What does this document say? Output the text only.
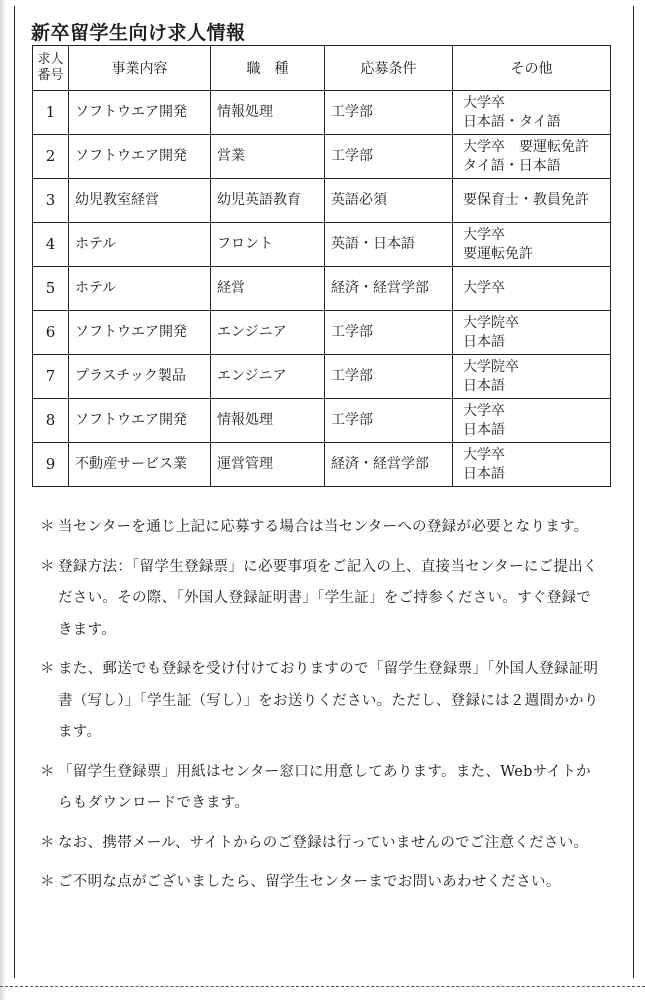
新卒留学生向け求人情報
求人
番号	事業内容	職　種	応募条件	その他
1	ソフトウエア開発	情報処理	工学部	大学卒
日本語・タイ語
2	ソフトウエア開発	営業	工学部	大学卒　要運転免許
タイ語・日本語
3	幼児教室経営	幼児英語教育	英語必須	要保育士・教員免許
4	ホテル	フロント	英語・日本語	大学卒
要運転免許
5	ホテル	経営	経済・経営学部	大学卒
6	ソフトウエア開発	エンジニア	工学部	大学院卒
日本語
7	プラスチック製品	エンジニア	工学部	大学院卒
日本語
8	ソフトウエア開発	情報処理	工学部	大学卒
日本語
9	不動産サービス業	運営管理	経済・経営学部	大学卒
日本語
＊ 当センターを通じ上記に応募する場合は当センターへの登録が必要となります。
＊ 登録方法：「留学生登録票」に必要事項をご記入の上、直接当センターにご提出ください。その際、「外国人登録証明書」「学生証」をご持参ください。すぐ登録できます。
＊ また、郵送でも登録を受け付けておりますので「留学生登録票」「外国人登録証明書（写し）」「学生証（写し）」をお送りください。ただし、登録には２週間かかります。
＊ 「留学生登録票」用紙はセンター窓口に用意してあります。また、Webサイトからもダウンロードできます。
＊ なお、携帯メール、サイトからのご登録は行っていませんのでご注意ください。
＊ ご不明な点がございましたら、留学生センターまでお問いあわせください。
